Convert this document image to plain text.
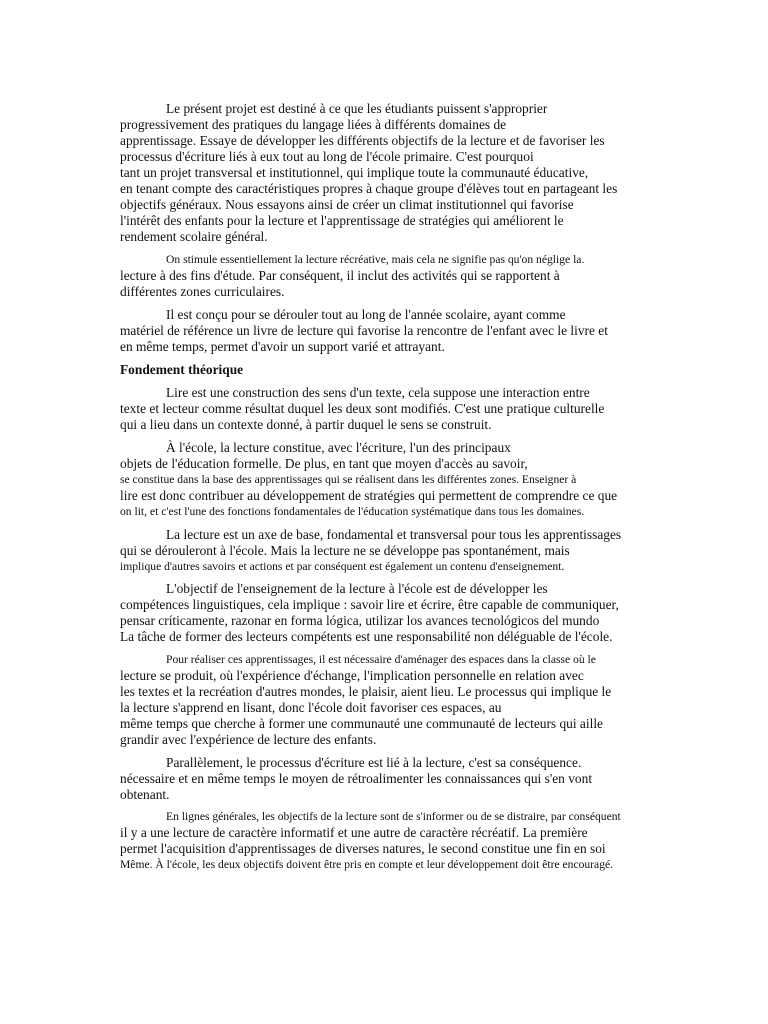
Le présent projet est destiné à ce que les étudiants puissent s'approprier
progressivement des pratiques du langage liées à différents domaines de
apprentissage. Essaye de développer les différents objectifs de la lecture et de favoriser les
processus d'écriture liés à eux tout au long de l'école primaire. C'est pourquoi
tant un projet transversal et institutionnel, qui implique toute la communauté éducative,
en tenant compte des caractéristiques propres à chaque groupe d'élèves tout en partageant les
objectifs généraux. Nous essayons ainsi de créer un climat institutionnel qui favorise
l'intérêt des enfants pour la lecture et l'apprentissage de stratégies qui améliorent le
rendement scolaire général.
On stimule essentiellement la lecture récréative, mais cela ne signifie pas qu'on néglige la.
lecture à des fins d'étude. Par conséquent, il inclut des activités qui se rapportent à
différentes zones curriculaires.
Il est conçu pour se dérouler tout au long de l'année scolaire, ayant comme
matériel de référence un livre de lecture qui favorise la rencontre de l'enfant avec le livre et
en même temps, permet d'avoir un support varié et attrayant.
Fondement théorique
Lire est une construction des sens d'un texte, cela suppose une interaction entre
texte et lecteur comme résultat duquel les deux sont modifiés. C'est une pratique culturelle
qui a lieu dans un contexte donné, à partir duquel le sens se construit.
À l'école, la lecture constitue, avec l'écriture, l'un des principaux
objets de l'éducation formelle. De plus, en tant que moyen d'accès au savoir,
se constitue dans la base des apprentissages qui se réalisent dans les différentes zones. Enseigner à
lire est donc contribuer au développement de stratégies qui permettent de comprendre ce que
on lit, et c'est l'une des fonctions fondamentales de l'éducation systématique dans tous les domaines.
La lecture est un axe de base, fondamental et transversal pour tous les apprentissages
qui se dérouleront à l'école. Mais la lecture ne se développe pas spontanément, mais
implique d'autres savoirs et actions et par conséquent est également un contenu d'enseignement.
L'objectif de l'enseignement de la lecture à l'école est de développer les
compétences linguistiques, cela implique : savoir lire et écrire, être capable de communiquer,
pensar críticamente, razonar en forma lógica, utilizar los avances tecnológicos del mundo
La tâche de former des lecteurs compétents est une responsabilité non déléguable de l'école.
Pour réaliser ces apprentissages, il est nécessaire d'aménager des espaces dans la classe où le
lecture se produit, où l'expérience d'échange, l'implication personnelle en relation avec
les textes et la recréation d'autres mondes, le plaisir, aient lieu. Le processus qui implique le
la lecture s'apprend en lisant, donc l'école doit favoriser ces espaces, au
même temps que cherche à former une communauté une communauté de lecteurs qui aille
grandir avec l'expérience de lecture des enfants.
Parallèlement, le processus d'écriture est lié à la lecture, c'est sa conséquence.
nécessaire et en même temps le moyen de rétroalimenter les connaissances qui s'en vont
obtenant.
En lignes générales, les objectifs de la lecture sont de s'informer ou de se distraire, par conséquent
il y a une lecture de caractère informatif et une autre de caractère récréatif. La première
permet l'acquisition d'apprentissages de diverses natures, le second constitue une fin en soi
Même. À l'école, les deux objectifs doivent être pris en compte et leur développement doit être encouragé.
